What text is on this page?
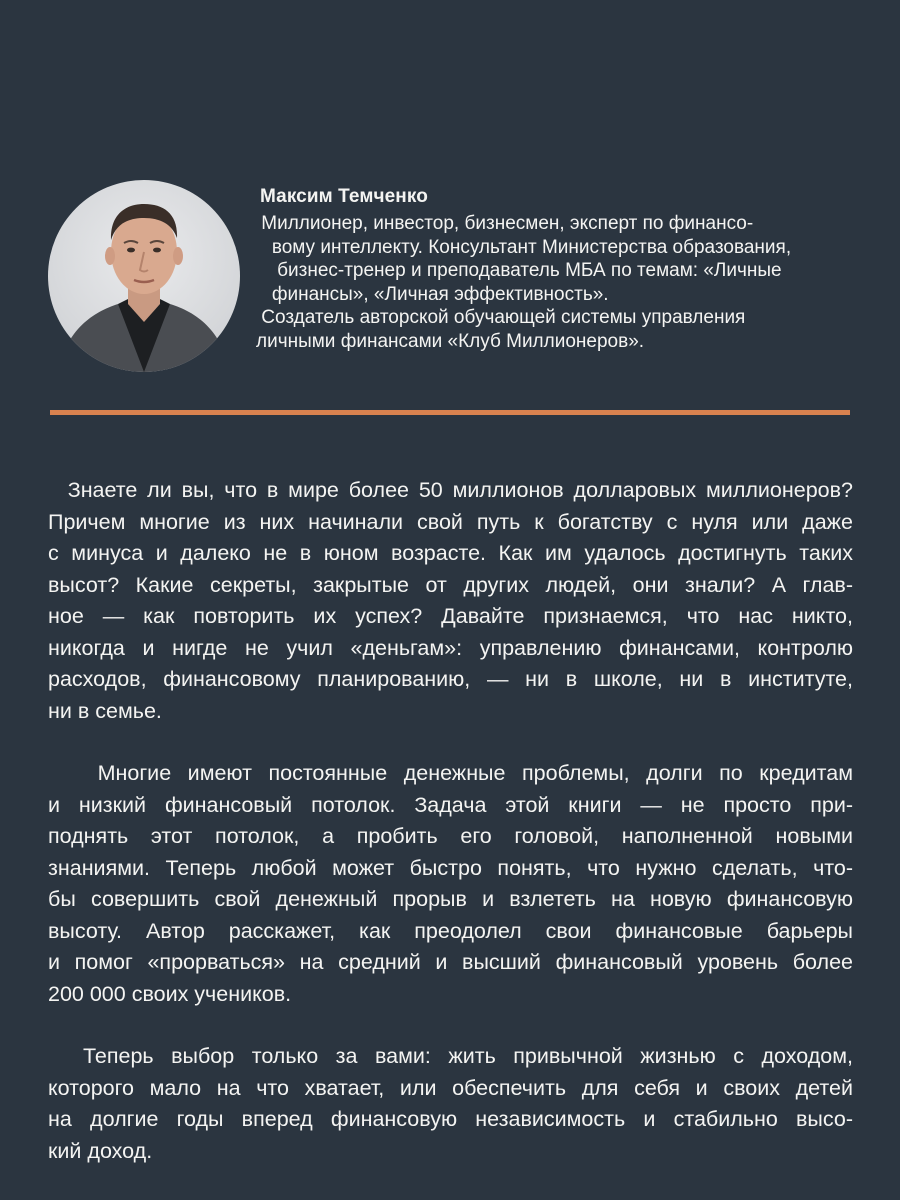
Максим Темченко
Миллионер, инвестор, бизнесмен, эксперт по финансо-
вому интеллекту. Консультант Министерства образования,
бизнес-тренер и преподаватель МБА по темам: «Личные
финансы», «Личная эффективность».
Создатель авторской обучающей системы управления
личными финансами «Клуб Миллионеров».
Знаете ли вы, что в мире более 50 миллионов долларовых миллионеров?
Причем многие из них начинали свой путь к богатству с нуля или даже
с минуса и далеко не в юном возрасте. Как им удалось достигнуть таких
высот? Какие секреты, закрытые от других людей, они знали? А глав-
ное — как повторить их успех? Давайте признаемся, что нас никто,
никогда и нигде не учил «деньгам»: управлению финансами, контролю
расходов, финансовому планированию, — ни в школе, ни в институте,
ни в семье.
Многие имеют постоянные денежные проблемы, долги по кредитам
и низкий финансовый потолок. Задача этой книги — не просто при-
поднять этот потолок, а пробить его головой, наполненной новыми
знаниями. Теперь любой может быстро понять, что нужно сделать, что-
бы совершить свой денежный прорыв и взлететь на новую финансовую
высоту. Автор расскажет, как преодолел свои финансовые барьеры
и помог «прорваться» на средний и высший финансовый уровень более
200 000 своих учеников.
Теперь выбор только за вами: жить привычной жизнью с доходом,
которого мало на что хватает, или обеспечить для себя и своих детей
на долгие годы вперед финансовую независимость и стабильно высо-
кий доход.
